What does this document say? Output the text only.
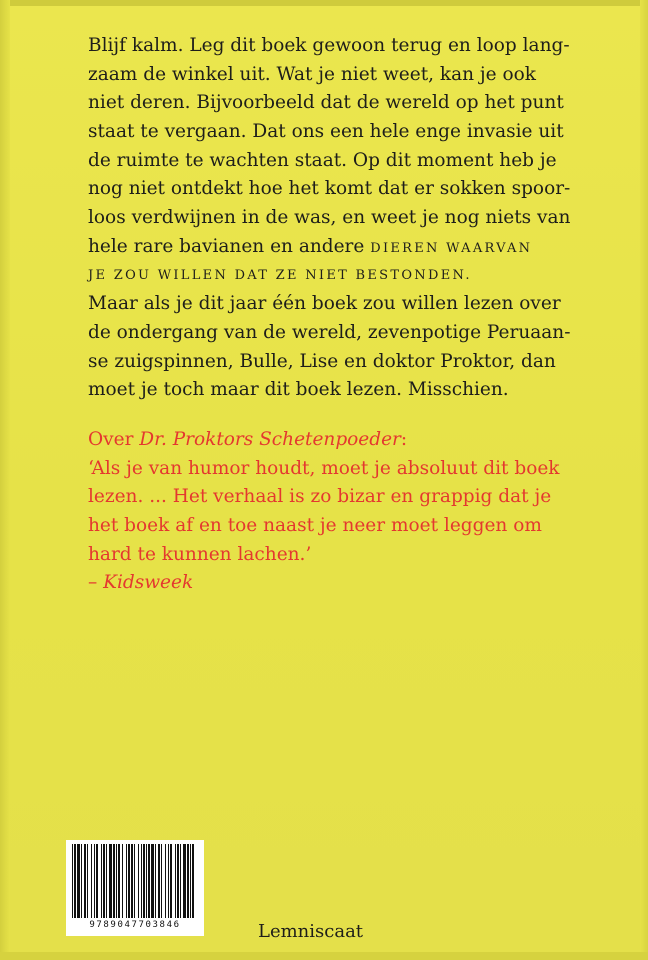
Blijf kalm. Leg dit boek gewoon terug en loop lang-
zaam de winkel uit. Wat je niet weet, kan je ook
niet deren. Bijvoorbeeld dat de wereld op het punt
staat te vergaan. Dat ons een hele enge invasie uit
de ruimte te wachten staat. Op dit moment heb je
nog niet ontdekt hoe het komt dat er sokken spoor-
loos verdwijnen in de was, en weet je nog niets van
hele rare bavianen en andere DIEREN WAARVAN
JE ZOU WILLEN DAT ZE NIET BESTONDEN.
Maar als je dit jaar één boek zou willen lezen over
de ondergang van de wereld, zevenpotige Peruaan-
se zuigspinnen, Bulle, Lise en doktor Proktor, dan
moet je toch maar dit boek lezen. Misschien.
Over Dr. Proktors Schetenpoeder:
‘Als je van humor houdt, moet je absoluut dit boek
lezen. ... Het verhaal is zo bizar en grappig dat je
het boek af en toe naast je neer moet leggen om
hard te kunnen lachen.’
– Kidsweek
9789047703846	Lemniscaat
